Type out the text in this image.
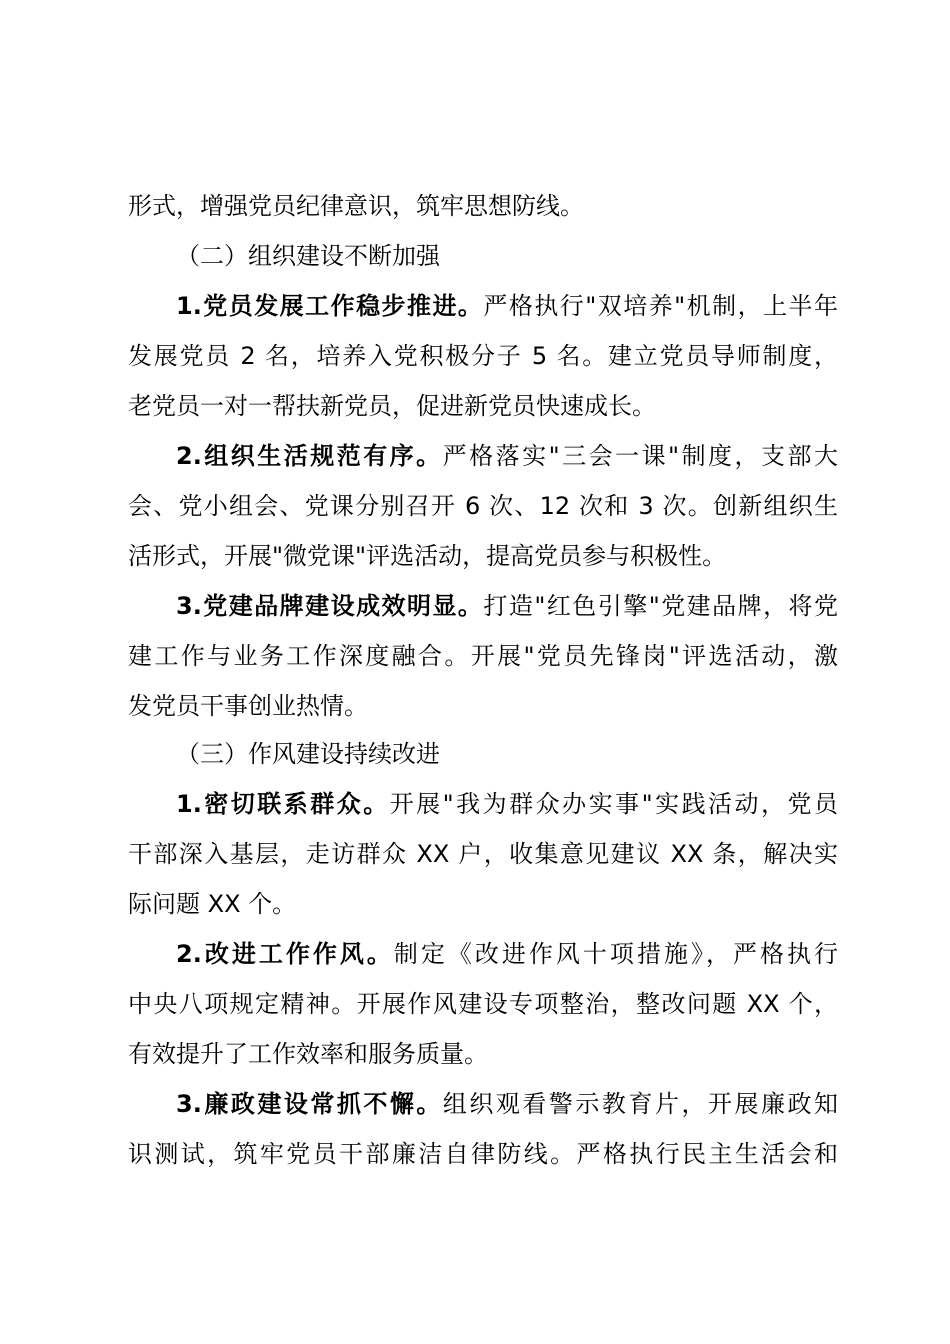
形式，增强党员纪律意识，筑牢思想防线。
（二）组织建设不断加强
1.党员发展工作稳步推进。严格执行"双培养"机制，上半年
发展党员 2 名，培养入党积极分子 5 名。建立党员导师制度，
老党员一对一帮扶新党员，促进新党员快速成长。
2.组织生活规范有序。严格落实"三会一课"制度，支部大
会、党小组会、党课分别召开 6 次、12 次和 3 次。创新组织生
活形式，开展"微党课"评选活动，提高党员参与积极性。
3.党建品牌建设成效明显。打造"红色引擎"党建品牌，将党
建工作与业务工作深度融合。开展"党员先锋岗"评选活动，激
发党员干事创业热情。
（三）作风建设持续改进
1.密切联系群众。开展"我为群众办实事"实践活动，党员
干部深入基层，走访群众 XX 户，收集意见建议 XX 条，解决实
际问题 XX 个。
2.改进工作作风。制定《改进作风十项措施》，严格执行
中央八项规定精神。开展作风建设专项整治，整改问题 XX 个，
有效提升了工作效率和服务质量。
3.廉政建设常抓不懈。组织观看警示教育片，开展廉政知
识测试，筑牢党员干部廉洁自律防线。严格执行民主生活会和
